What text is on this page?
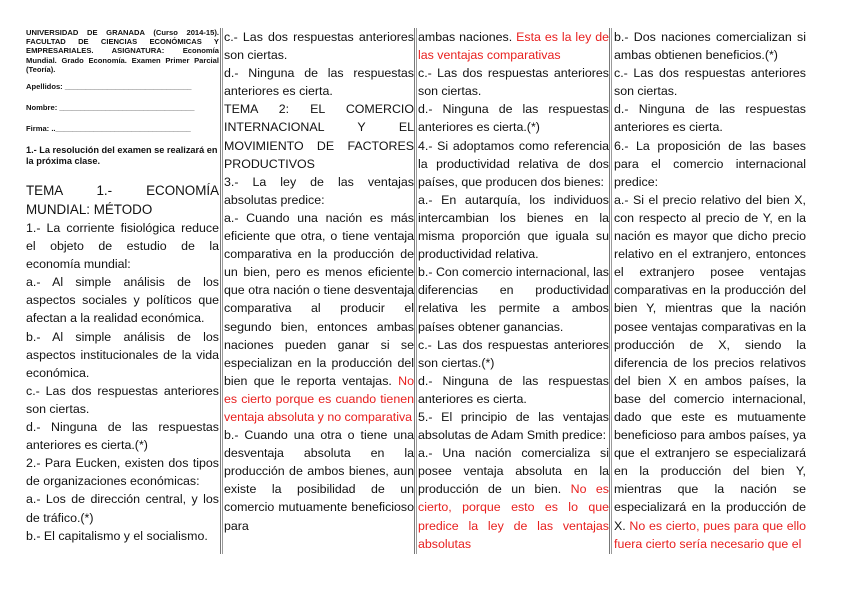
UNIVERSIDAD DE GRANADA (Curso 2014-15). FACULTAD DE CIENCIAS ECONÓMICAS Y EMPRESARIALES. ASIGNATURA: Economía Mundial. Grado Economía. Examen Primer Parcial (Teoría).
Apellidos: ______________________________
Nombre: ________________________________
Firma: ..________________________________
1.- La resolución del examen se realizará en la próxima clase.

TEMA 1.- ECONOMÍA MUNDIAL: MÉTODO

1.- La corriente fisiológica reduce el objeto de estudio de la economía mundial:

a.- Al simple análisis de los aspectos sociales y políticos que afectan a la realidad económica.

b.- Al simple análisis de los aspectos institucionales de la vida económica.

c.- Las dos respuestas anteriores son ciertas.

d.- Ninguna de las respuestas anteriores es cierta.(*)

2.- Para Eucken, existen dos tipos de organizaciones económicas:

a.- Los de dirección central, y los de tráfico.(*)

b.- El capitalismo y el socialismo.

c.- Las dos respuestas anteriores son ciertas.

d.- Ninguna de las respuestas anteriores es cierta.

TEMA 2: EL COMERCIO INTERNACIONAL Y EL MOVIMIENTO DE FACTORES PRODUCTIVOS

3.- La ley de las ventajas absolutas predice:

a.- Cuando una nación es más eficiente que otra, o tiene ventaja comparativa en la producción de un bien, pero es menos eficiente que otra nación o tiene desventaja comparativa al producir el segundo bien, entonces ambas naciones pueden ganar si se especializan en la producción del bien que le reporta ventajas. No es cierto porque es cuando tienen ventaja absoluta y no comparativa

b.- Cuando una otra o tiene una desventaja absoluta en la producción de ambos bienes, aun existe la posibilidad de un comercio mutuamente beneficioso para

ambas naciones. Esta es la ley de las ventajas comparativas

c.- Las dos respuestas anteriores son ciertas.

d.- Ninguna de las respuestas anteriores es cierta.(*)

4.- Si adoptamos como referencia la productividad relativa de dos países, que producen dos bienes:

a.- En autarquía, los individuos intercambian los bienes en la misma proporción que iguala su productividad relativa.

b.- Con comercio internacional, las diferencias en productividad relativa les permite a ambos países obtener ganancias.

c.- Las dos respuestas anteriores son ciertas.(*)

d.- Ninguna de las respuestas anteriores es cierta.

5.- El principio de las ventajas absolutas de Adam Smith predice:

a.- Una nación comercializa si posee ventaja absoluta en la producción de un bien. No es cierto, porque esto es lo que predice la ley de las ventajas absolutas

b.- Dos naciones comercializan si ambas obtienen beneficios.(*)

c.- Las dos respuestas anteriores son ciertas.

d.- Ninguna de las respuestas anteriores es cierta.

6.- La proposición de las bases para el comercio internacional predice:

a.- Si el precio relativo del bien X, con respecto al precio de Y, en la nación es mayor que dicho precio relativo en el extranjero, entonces el extranjero posee ventajas comparativas en la producción del bien Y, mientras que la nación posee ventajas comparativas en la producción de X, siendo la diferencia de los precios relativos del bien X en ambos países, la base del comercio internacional, dado que este es mutuamente beneficioso para ambos países, ya que el extranjero se especializará en la producción del bien Y, mientras que la nación se especializará en la producción de X. No es cierto, pues para que ello fuera cierto sería necesario que el
